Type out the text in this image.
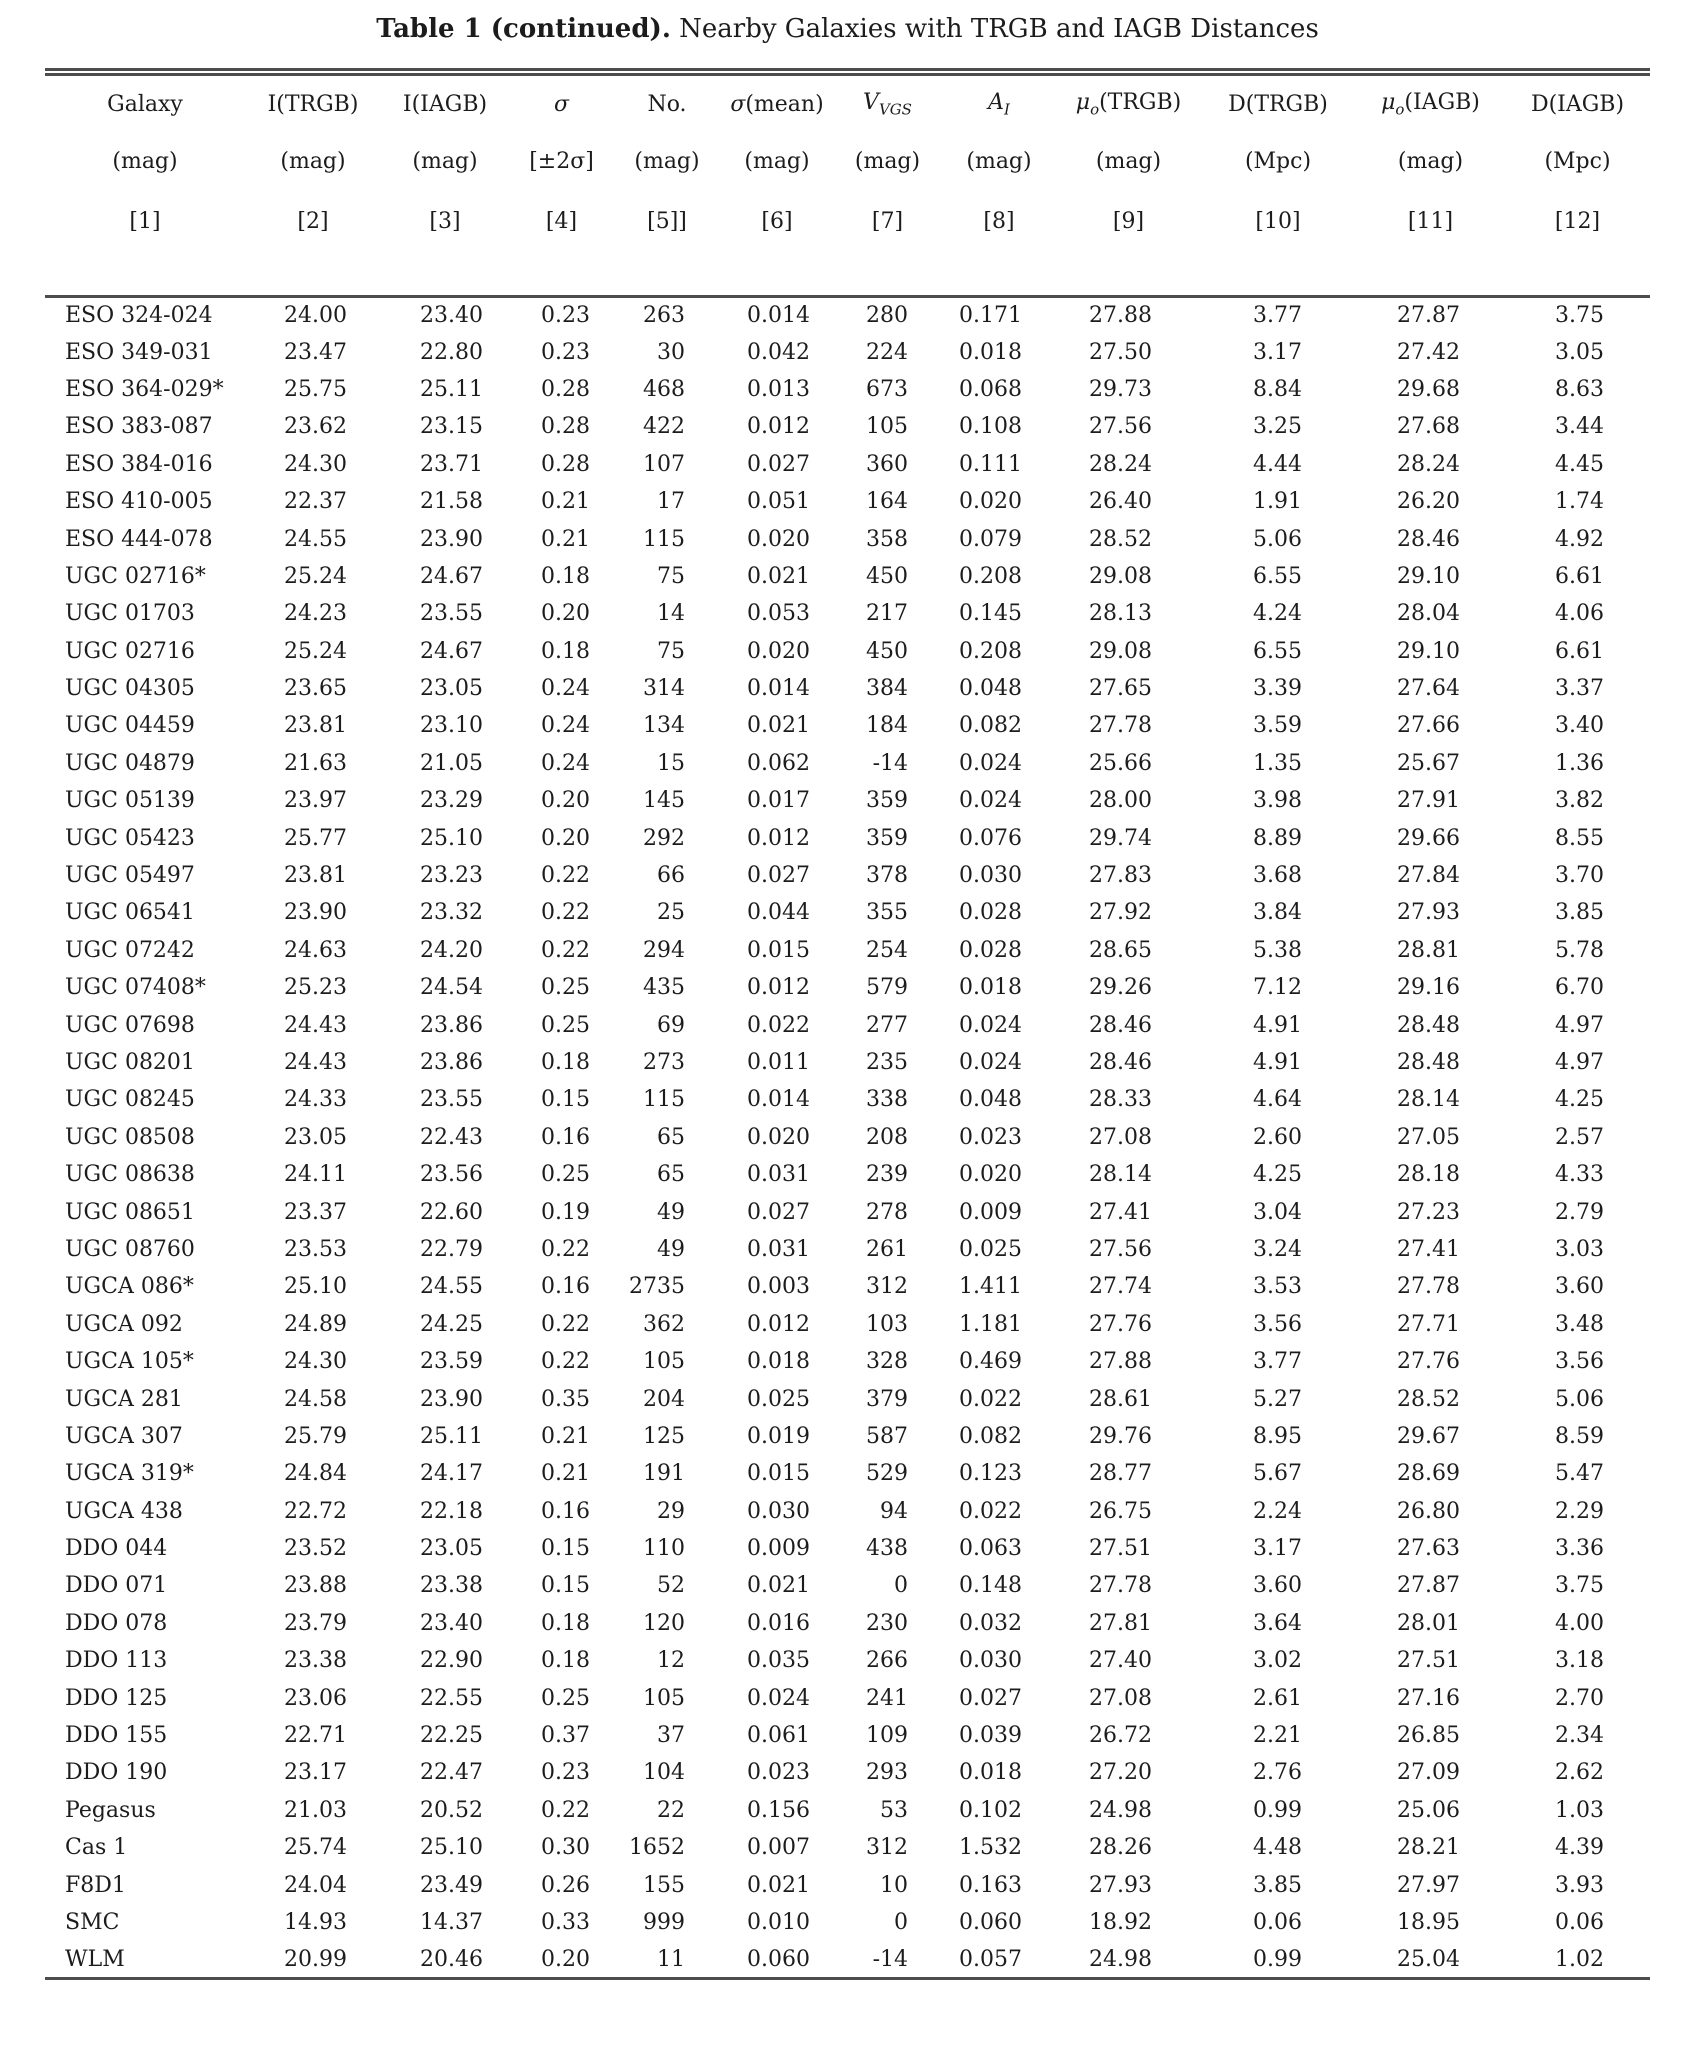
Table 1 (continued). Nearby Galaxies with TRGB and IAGB Distances
Galaxy	I(TRGB)	I(IAGB)	σ	No.	σ(mean)	$V_{VGS}$	$A_I$	$\mu_o(TRGB)$	D(TRGB)	$\mu_o(IAGB)$	D(IAGB)
(mag)	(mag)	(mag)	[±2σ]	(mag)	(mag)	(mag)	(mag)	(mag)	(Mpc)	(mag)	(Mpc)
[1]	[2]	[3]	[4]	[5]]	[6]	[7]	[8]	[9]	[10]	[11]	[12]

ESO 324-024	24.00	23.40	0.23	263	0.014	280	0.171	27.88	3.77	27.87	3.75
ESO 349-031	23.47	22.80	0.23	30	0.042	224	0.018	27.50	3.17	27.42	3.05
ESO 364-029*	25.75	25.11	0.28	468	0.013	673	0.068	29.73	8.84	29.68	8.63
ESO 383-087	23.62	23.15	0.28	422	0.012	105	0.108	27.56	3.25	27.68	3.44
ESO 384-016	24.30	23.71	0.28	107	0.027	360	0.111	28.24	4.44	28.24	4.45
ESO 410-005	22.37	21.58	0.21	17	0.051	164	0.020	26.40	1.91	26.20	1.74
ESO 444-078	24.55	23.90	0.21	115	0.020	358	0.079	28.52	5.06	28.46	4.92
UGC 02716*	25.24	24.67	0.18	75	0.021	450	0.208	29.08	6.55	29.10	6.61
UGC 01703	24.23	23.55	0.20	14	0.053	217	0.145	28.13	4.24	28.04	4.06
UGC 02716	25.24	24.67	0.18	75	0.020	450	0.208	29.08	6.55	29.10	6.61
UGC 04305	23.65	23.05	0.24	314	0.014	384	0.048	27.65	3.39	27.64	3.37
UGC 04459	23.81	23.10	0.24	134	0.021	184	0.082	27.78	3.59	27.66	3.40
UGC 04879	21.63	21.05	0.24	15	0.062	-14	0.024	25.66	1.35	25.67	1.36
UGC 05139	23.97	23.29	0.20	145	0.017	359	0.024	28.00	3.98	27.91	3.82
UGC 05423	25.77	25.10	0.20	292	0.012	359	0.076	29.74	8.89	29.66	8.55
UGC 05497	23.81	23.23	0.22	66	0.027	378	0.030	27.83	3.68	27.84	3.70
UGC 06541	23.90	23.32	0.22	25	0.044	355	0.028	27.92	3.84	27.93	3.85
UGC 07242	24.63	24.20	0.22	294	0.015	254	0.028	28.65	5.38	28.81	5.78
UGC 07408*	25.23	24.54	0.25	435	0.012	579	0.018	29.26	7.12	29.16	6.70
UGC 07698	24.43	23.86	0.25	69	0.022	277	0.024	28.46	4.91	28.48	4.97
UGC 08201	24.43	23.86	0.18	273	0.011	235	0.024	28.46	4.91	28.48	4.97
UGC 08245	24.33	23.55	0.15	115	0.014	338	0.048	28.33	4.64	28.14	4.25
UGC 08508	23.05	22.43	0.16	65	0.020	208	0.023	27.08	2.60	27.05	2.57
UGC 08638	24.11	23.56	0.25	65	0.031	239	0.020	28.14	4.25	28.18	4.33
UGC 08651	23.37	22.60	0.19	49	0.027	278	0.009	27.41	3.04	27.23	2.79
UGC 08760	23.53	22.79	0.22	49	0.031	261	0.025	27.56	3.24	27.41	3.03
UGCA 086*	25.10	24.55	0.16	2735	0.003	312	1.411	27.74	3.53	27.78	3.60
UGCA 092	24.89	24.25	0.22	362	0.012	103	1.181	27.76	3.56	27.71	3.48
UGCA 105*	24.30	23.59	0.22	105	0.018	328	0.469	27.88	3.77	27.76	3.56
UGCA 281	24.58	23.90	0.35	204	0.025	379	0.022	28.61	5.27	28.52	5.06
UGCA 307	25.79	25.11	0.21	125	0.019	587	0.082	29.76	8.95	29.67	8.59
UGCA 319*	24.84	24.17	0.21	191	0.015	529	0.123	28.77	5.67	28.69	5.47
UGCA 438	22.72	22.18	0.16	29	0.030	94	0.022	26.75	2.24	26.80	2.29
DDO 044	23.52	23.05	0.15	110	0.009	438	0.063	27.51	3.17	27.63	3.36
DDO 071	23.88	23.38	0.15	52	0.021	0	0.148	27.78	3.60	27.87	3.75
DDO 078	23.79	23.40	0.18	120	0.016	230	0.032	27.81	3.64	28.01	4.00
DDO 113	23.38	22.90	0.18	12	0.035	266	0.030	27.40	3.02	27.51	3.18
DDO 125	23.06	22.55	0.25	105	0.024	241	0.027	27.08	2.61	27.16	2.70
DDO 155	22.71	22.25	0.37	37	0.061	109	0.039	26.72	2.21	26.85	2.34
DDO 190	23.17	22.47	0.23	104	0.023	293	0.018	27.20	2.76	27.09	2.62
Pegasus	21.03	20.52	0.22	22	0.156	53	0.102	24.98	0.99	25.06	1.03
Cas 1	25.74	25.10	0.30	1652	0.007	312	1.532	28.26	4.48	28.21	4.39
F8D1	24.04	23.49	0.26	155	0.021	10	0.163	27.93	3.85	27.97	3.93
SMC	14.93	14.37	0.33	999	0.010	0	0.060	18.92	0.06	18.95	0.06
WLM	20.99	20.46	0.20	11	0.060	-14	0.057	24.98	0.99	25.04	1.02
